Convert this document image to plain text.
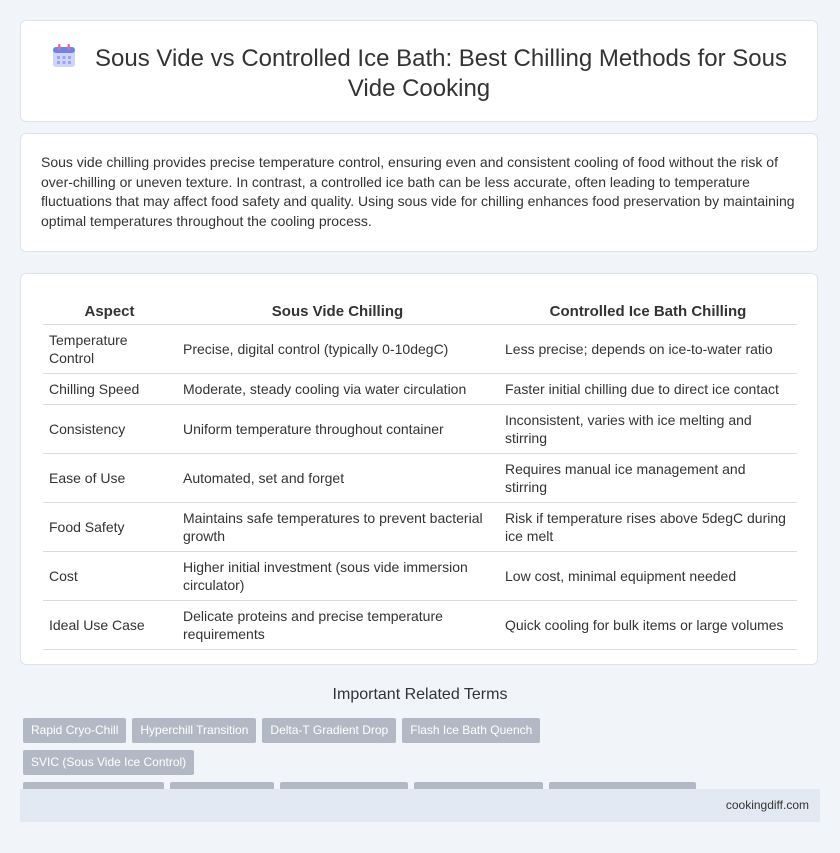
Sous Vide vs Controlled Ice Bath: Best Chilling Methods for Sous Vide Cooking

Sous vide chilling provides precise temperature control, ensuring even and consistent cooling of food without the risk of over-chilling or uneven texture. In contrast, a controlled ice bath can be less accurate, often leading to temperature fluctuations that may affect food safety and quality. Using sous vide for chilling enhances food preservation by maintaining optimal temperatures throughout the cooling process.

Aspect	Sous Vide Chilling	Controlled Ice Bath Chilling
Temperature Control	Precise, digital control (typically 0-10degC)	Less precise; depends on ice-to-water ratio
Chilling Speed	Moderate, steady cooling via water circulation	Faster initial chilling due to direct ice contact
Consistency	Uniform temperature throughout container	Inconsistent, varies with ice melting and stirring
Ease of Use	Automated, set and forget	Requires manual ice management and stirring
Food Safety	Maintains safe temperatures to prevent bacterial growth	Risk if temperature rises above 5degC during ice melt
Cost	Higher initial investment (sous vide immersion circulator)	Low cost, minimal equipment needed
Ideal Use Case	Delicate proteins and precise temperature requirements	Quick cooling for bulk items or large volumes
Important Related Terms
Rapid Cryo-Chill Hyperchill Transition Delta-T Gradient Drop Flash Ice Bath QuenchSVIC (Sous Vide Ice Control)

cookingdiff.com
